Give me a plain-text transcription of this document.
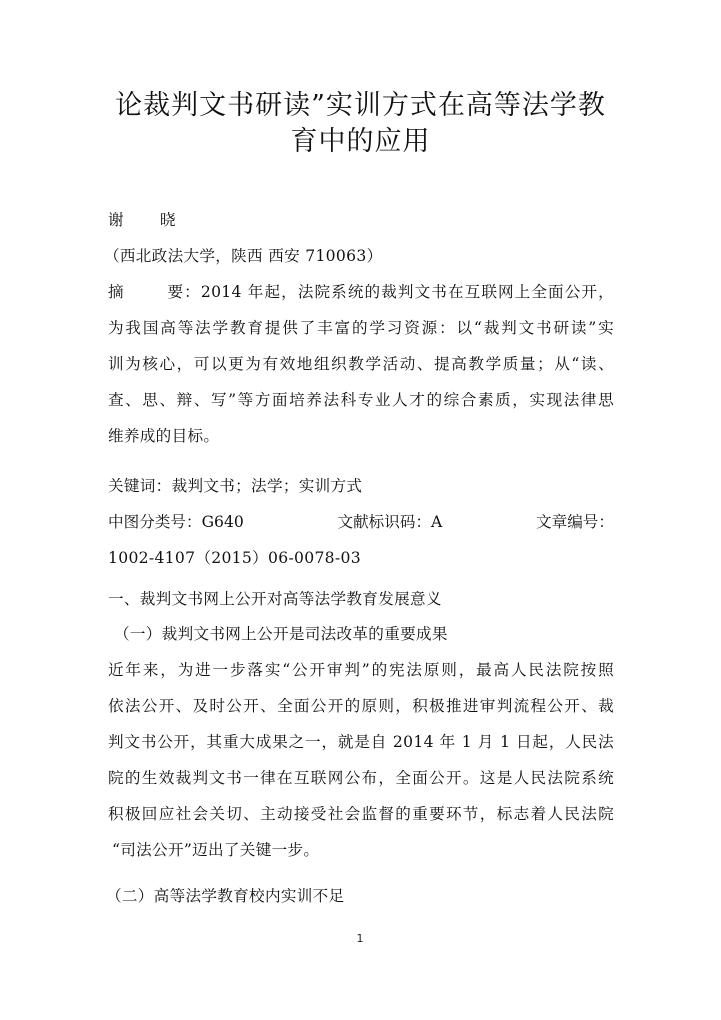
论裁判文书研读”实训方式在高等法学教
育中的应用
谢 晓
（西北政法大学，陕西 西安 710063）
摘	要：2014 年起，法院系统的裁判文书在互联网上全面公开，
为我国高等法学教育提供了丰富的学习资源：以“裁判文书研读”实
训为核心，可以更为有效地组织教学活动、提高教学质量；从“读、
查、思、辩、写”等方面培养法科专业人才的综合素质，实现法律思
维养成的目标。
关键词：裁判文书；法学；实训方式
中图分类号：G640	文献标识码：A	文章编号：
1002-4107（2015）06-0078-03
一、裁判文书网上公开对高等法学教育发展意义
（一）裁判文书网上公开是司法改革的重要成果
近年来，为进一步落实“公开审判”的宪法原则，最高人民法院按照
依法公开、及时公开、全面公开的原则，积极推进审判流程公开、裁
判文书公开，其重大成果之一，就是自 2014 年 1 月 1 日起，人民法
院的生效裁判文书一律在互联网公布，全面公开。这是人民法院系统
积极回应社会关切、主动接受社会监督的重要环节，标志着人民法院
“司法公开”迈出了关键一步。
（二）高等法学教育校内实训不足
1
